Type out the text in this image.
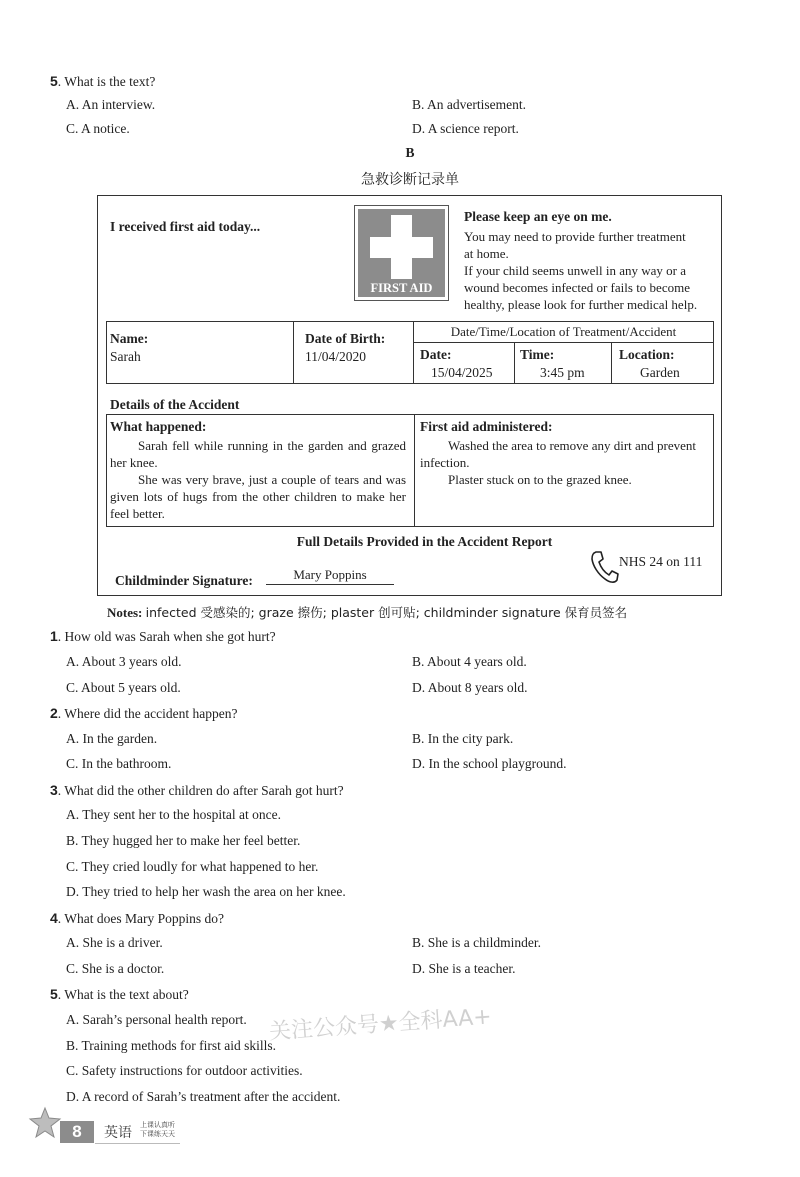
5. What is the text?
A. An interview.	B. An advertisement.
C. A notice.	D. A science report.
B
急救诊断记录单
I received first aid today...
FIRST AID
Please keep an eye on me.
You may need to provide further treatment
at home.
If your child seems unwell in any way or a
wound becomes infected or fails to become
healthy, please look for further medical help.
Name:
Sarah
Date of Birth:
11/04/2020
Date/Time/Location of Treatment/Accident
Date:
15/04/2025
Time:
3:45 pm
Location:
Garden
Details of the Accident
What happened:
Sarah fell while running in the garden and grazed her knee.
She was very brave, just a couple of tears and was given lots of hugs from the other children to make her feel better.
First aid administered:
Washed the area to remove any dirt and prevent infection.
Plaster stuck on to the grazed knee.
Full Details Provided in the Accident Report
Childminder Signature:	Mary Poppins
NHS 24 on 111
Notes: infected 受感染的; graze 擦伤; plaster 创可贴; childminder signature 保育员签名
1. How old was Sarah when she got hurt?
A. About 3 years old.	B. About 4 years old.
C. About 5 years old.	D. About 8 years old.
2. Where did the accident happen?
A. In the garden.	B. In the city park.
C. In the bathroom.	D. In the school playground.
3. What did the other children do after Sarah got hurt?
A. They sent her to the hospital at once.
B. They hugged her to make her feel better.
C. They cried loudly for what happened to her.
D. They tried to help her wash the area on her knee.
4. What does Mary Poppins do?
A. She is a driver.	B. She is a childminder.
C. She is a doctor.	D. She is a teacher.
5. What is the text about?
A. Sarah’s personal health report.
B. Training methods for first aid skills.
C. Safety instructions for outdoor activities.
D. A record of Sarah’s treatment after the accident.
关注公众号★全科AA+
8	英语 上课认真听
下课练天天
